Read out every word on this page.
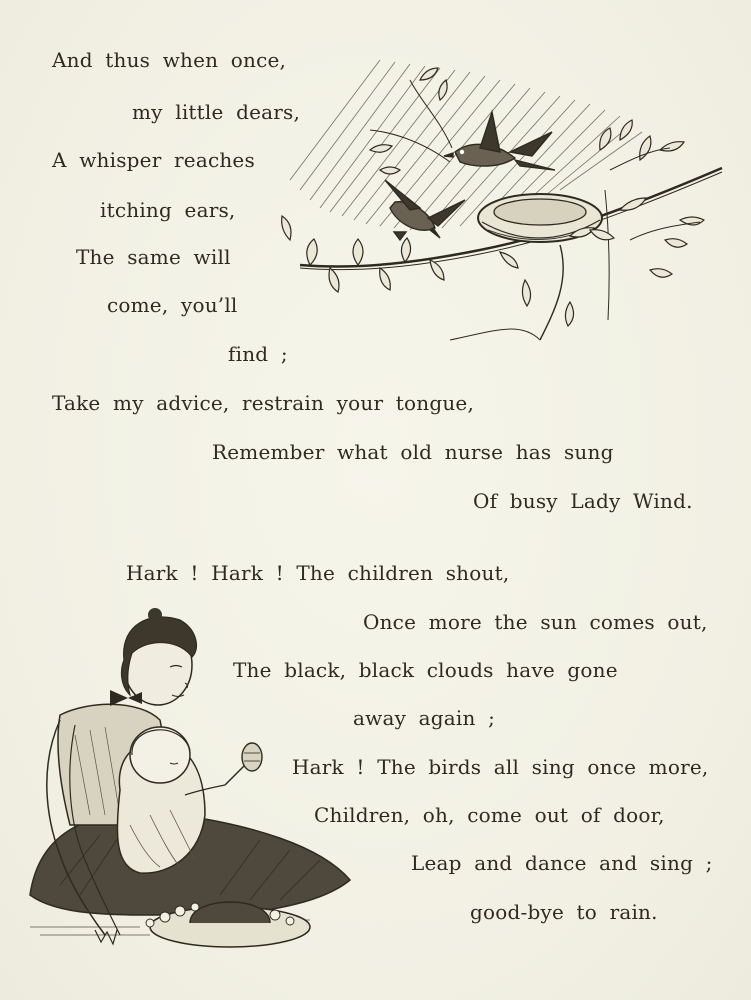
And thus when once,
my little dears,
A whisper reaches
itching ears,
The same will
come, you’ll
find ;
Take my advice, restrain your tongue,
Remember what old nurse has sung
Of busy Lady Wind.
Hark ! Hark ! The children shout,
Once more the sun comes out,
The black, black clouds have gone
away again ;
Hark ! The birds all sing once more,
Children, oh, come out of door,
Leap and dance and sing ;
good-bye to rain.
